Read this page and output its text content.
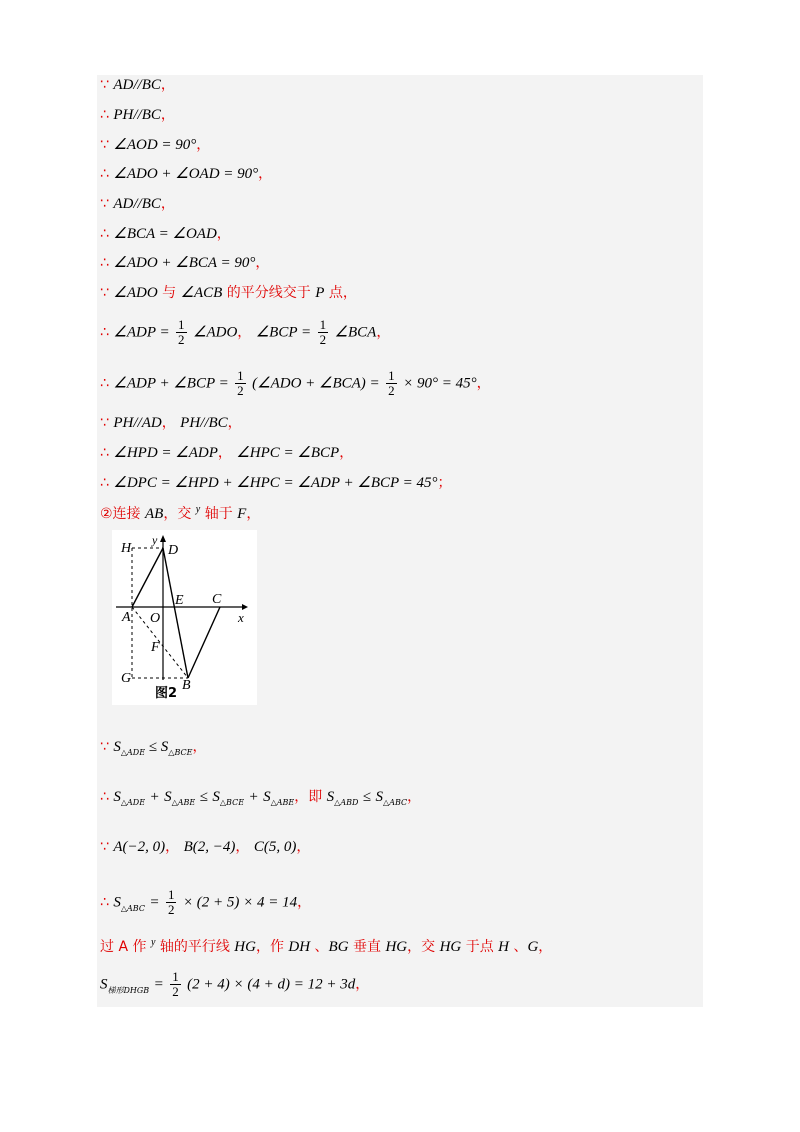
∵ AD//BC，
∴ PH//BC，
∵ ∠AOD = 90°，
∴ ∠ADO + ∠OAD = 90°，
∵ AD//BC，
∴ ∠BCA = ∠OAD，
∴ ∠ADO + ∠BCA = 90°，
∵ ∠ADO 与 ∠ACB 的平分线交于 P 点，
∴ ∠ADP = $\frac{1}{2}$ ∠ADO， ∠BCP = $\frac{1}{2}$ ∠BCA，
∴ ∠ADP + ∠BCP = $\frac{1}{2}$ (∠ADO + ∠BCA) = $\frac{1}{2} \times 90^\circ = 45^\circ$，
∵ PH//AD， PH//BC，
∴ ∠HPD = ∠ADP， ∠HPC = ∠BCP，
∴ ∠DPC = ∠HPD + ∠HPC = ∠ADP + ∠BCP = 45°；
②连接 AB，交 $^y$ 轴于 F，
H
y
D
E C
A O	x
F
G	B
图2
∵ $S_{\triangle ADE} \le S_{\triangle BCE}$，
∴ $S_{\triangle ADE} + S_{\triangle ABE} \le S_{\triangle BCE} + S_{\triangle ABE}$，即 $S_{\triangle ABD} \le S_{\triangle ABC}$，
∵ A(−2, 0)， B(2, −4)， C(5, 0)，
∴ $S_{\triangle ABC} = \frac{1}{2} \times (2 + 5) \times 4 = 14$，
过 A 作 $^y$ 轴的平行线 HG，作 DH 、BG 垂直 HG，交 HG 于点 H 、G，
$S_{梯形DHGB} = \frac{1}{2} (2 + 4) \times (4 + d) = 12 + 3d$，
